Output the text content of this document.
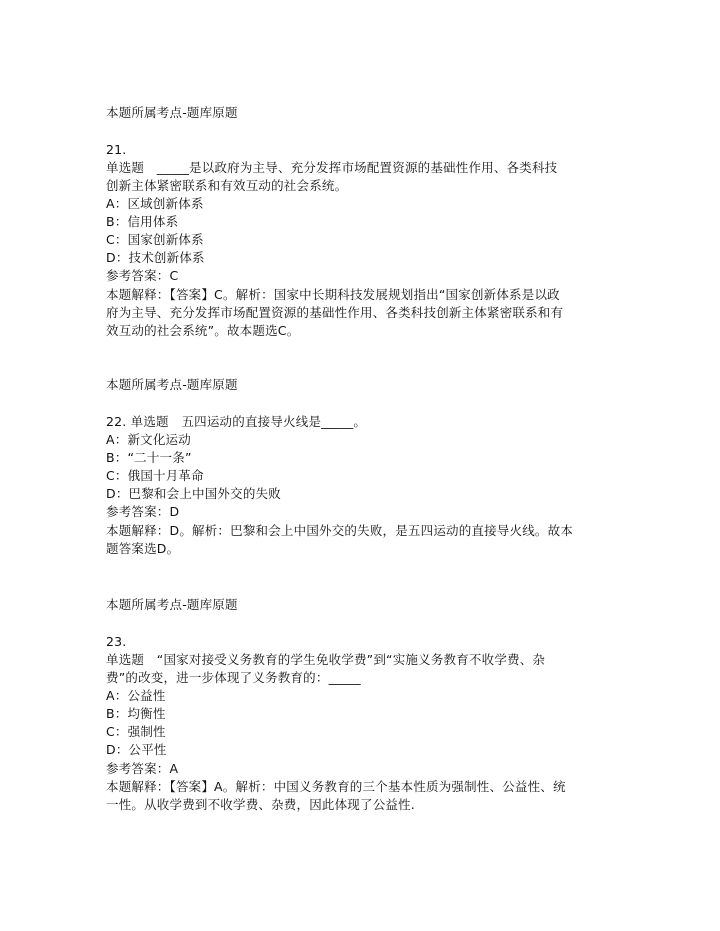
本题所属考点-题库原题
21.
单选题　_____是以政府为主导、充分发挥市场配置资源的基础性作用、各类科技
创新主体紧密联系和有效互动的社会系统。
A：区域创新体系
B：信用体系
C：国家创新体系
D：技术创新体系
参考答案：C
本题解释：【答案】C。解析：国家中长期科技发展规划指出“国家创新体系是以政
府为主导、充分发挥市场配置资源的基础性作用、各类科技创新主体紧密联系和有
效互动的社会系统”。故本题选C。
本题所属考点-题库原题
22. 单选题　五四运动的直接导火线是_____。
A：新文化运动
B：“二十一条”
C：俄国十月革命
D：巴黎和会上中国外交的失败
参考答案：D
本题解释：D。解析：巴黎和会上中国外交的失败，是五四运动的直接导火线。故本
题答案选D。
本题所属考点-题库原题
23.
单选题　“国家对接受义务教育的学生免收学费”到“实施义务教育不收学费、杂
费”的改变，进一步体现了义务教育的：_____
A：公益性
B：均衡性
C：强制性
D：公平性
参考答案：A
本题解释：【答案】A。解析：中国义务教育的三个基本性质为强制性、公益性、统
一性。从收学费到不收学费、杂费，因此体现了公益性.
